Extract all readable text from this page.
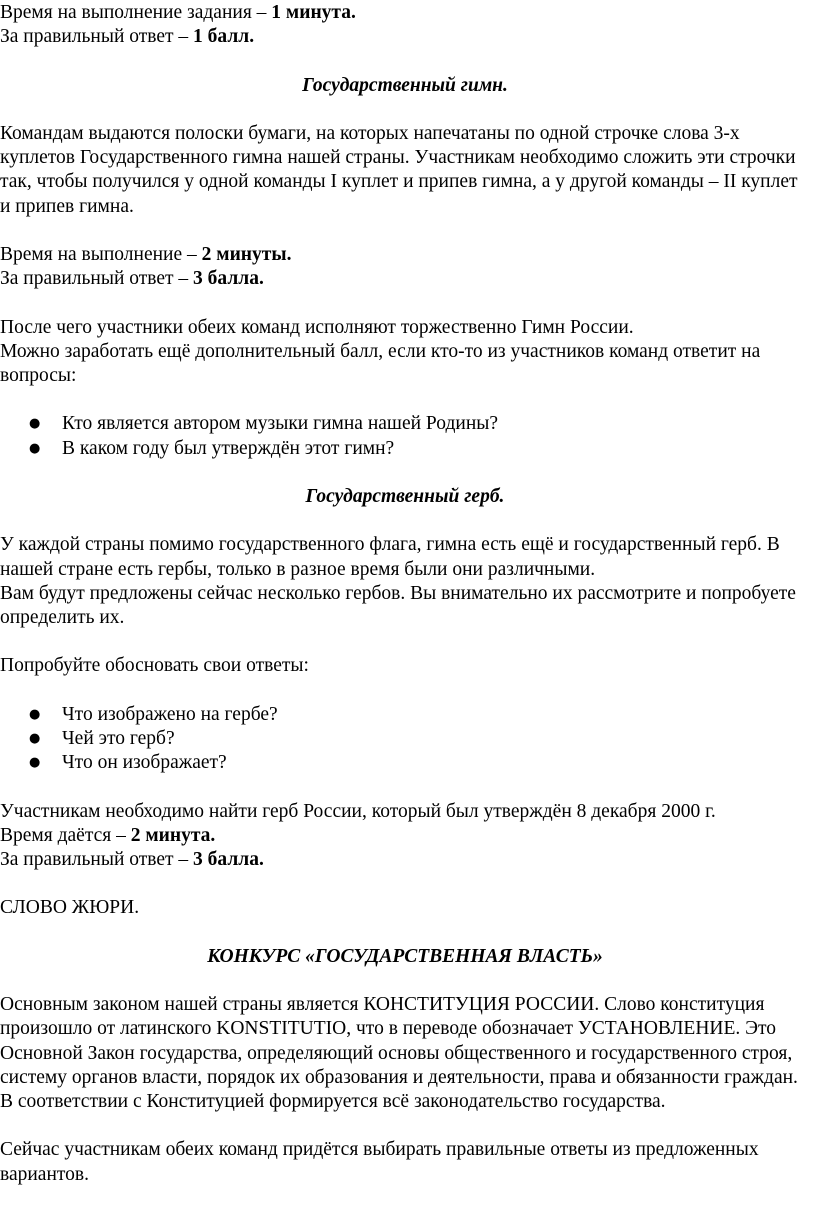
Время на выполнение задания – 1 минута.

За правильный ответ – 1 балл.

Государственный гимн.

Командам выдаются полоски бумаги, на которых напечатаны по одной строчке слова 3-х куплетов Государственного гимна нашей страны. Участникам необходимо сложить эти строчки так, чтобы получился у одной команды I куплет и припев гимна, а у другой команды – II куплет и припев гимна.

Время на выполнение – 2 минуты.

За правильный ответ – 3 балла.

После чего участники обеих команд исполняют торжественно Гимн России.

Можно заработать ещё дополнительный балл, если кто-то из участников команд ответит на вопросы:

● Кто является автором музыки гимна нашей Родины?
● В каком году был утверждён этот гимн?

Государственный герб.

У каждой страны помимо государственного флага, гимна есть ещё и государственный герб. В нашей стране есть гербы, только в разное время были они различными.

Вам будут предложены сейчас несколько гербов. Вы внимательно их рассмотрите и попробуете определить их.

Попробуйте обосновать свои ответы:

● Что изображено на гербе?
● Чей это герб?
● Что он изображает?

Участникам необходимо найти герб России, который был утверждён 8 декабря 2000 г.

Время даётся – 2 минута.

За правильный ответ – 3 балла.

СЛОВО ЖЮРИ.

КОНКУРС «ГОСУДАРСТВЕННАЯ ВЛАСТЬ»

Основным законом нашей страны является КОНСТИТУЦИЯ РОССИИ. Слово конституция произошло от латинского KONSTITUTIO, что в переводе обозначает УСТАНОВЛЕНИЕ. Это Основной Закон государства, определяющий основы общественного и государственного строя, систему органов власти, порядок их образования и деятельности, права и обязанности граждан. В соответствии с Конституцией формируется всё законодательство государства.

Сейчас участникам обеих команд придётся выбирать правильные ответы из предложенных вариантов.
